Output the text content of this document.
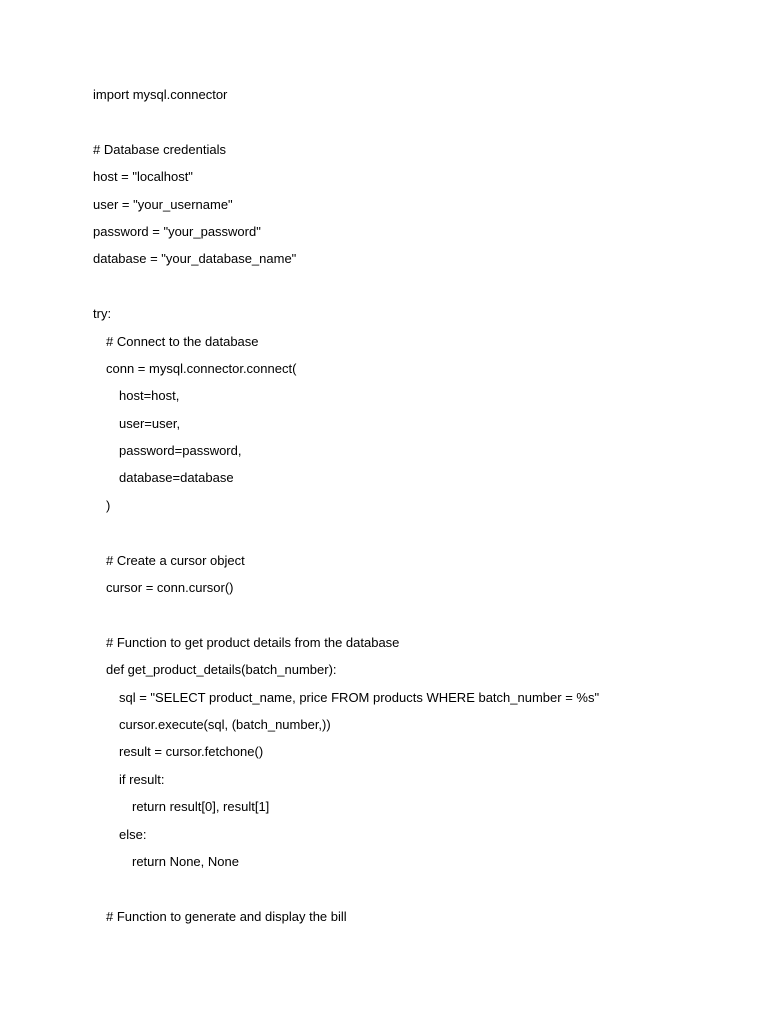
import mysql.connector
# Database credentials
host = "localhost"
user = "your_username"
password = "your_password"
database = "your_database_name"
try:
# Connect to the database
conn = mysql.connector.connect(
host=host,
user=user,
password=password,
database=database
)
# Create a cursor object
cursor = conn.cursor()
# Function to get product details from the database
def get_product_details(batch_number):
sql = "SELECT product_name, price FROM products WHERE batch_number = %s"
cursor.execute(sql, (batch_number,))
result = cursor.fetchone()
if result:
return result[0], result[1]
else:
return None, None
# Function to generate and display the bill
